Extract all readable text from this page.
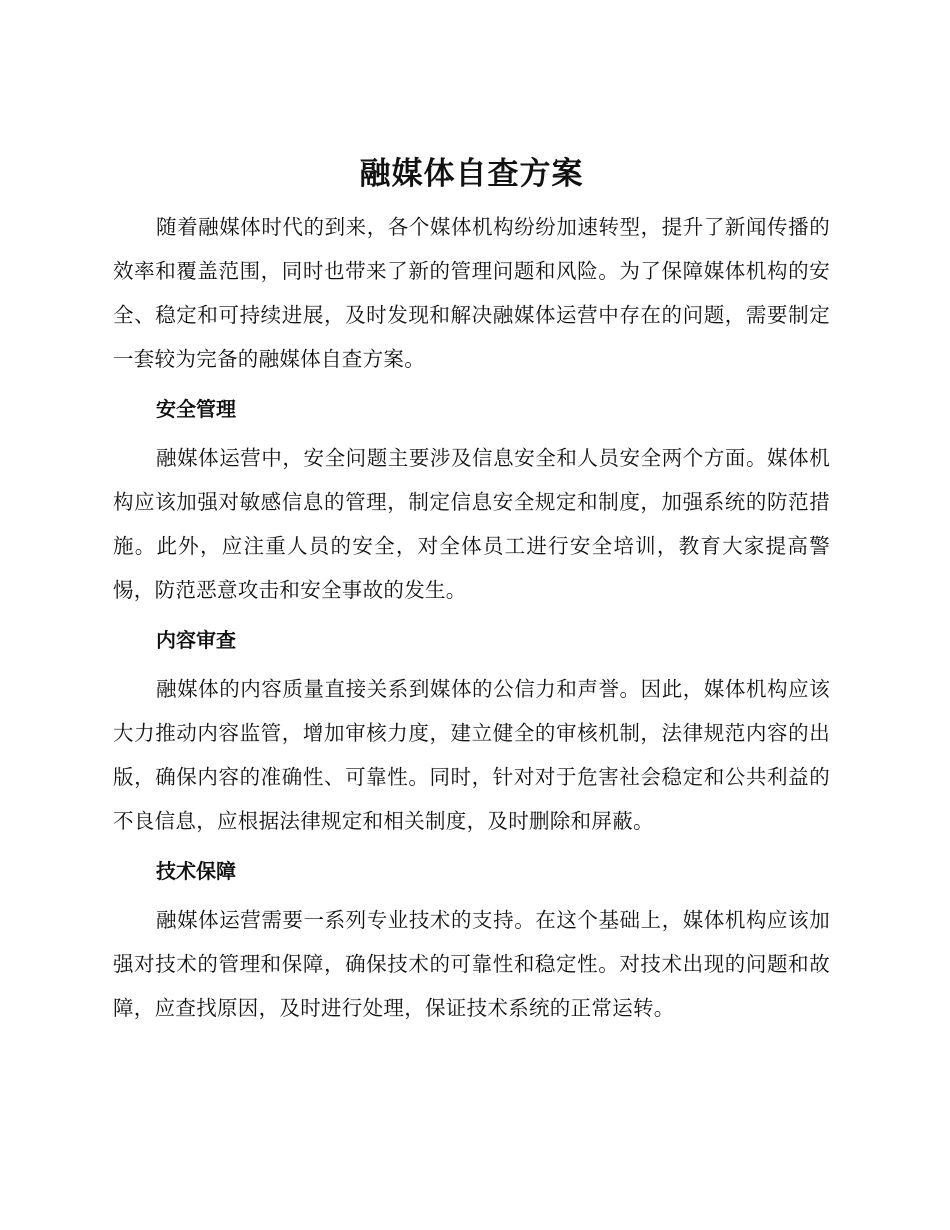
融媒体自查方案

随着融媒体时代的到来，各个媒体机构纷纷加速转型，提升了新闻传播的效率和覆盖范围，同时也带来了新的管理问题和风险。为了保障媒体机构的安全、稳定和可持续进展，及时发现和解决融媒体运营中存在的问题，需要制定一套较为完备的融媒体自查方案。

安全管理

融媒体运营中，安全问题主要涉及信息安全和人员安全两个方面。媒体机构应该加强对敏感信息的管理，制定信息安全规定和制度，加强系统的防范措施。此外，应注重人员的安全，对全体员工进行安全培训，教育大家提高警惕，防范恶意攻击和安全事故的发生。

内容审查

融媒体的内容质量直接关系到媒体的公信力和声誉。因此，媒体机构应该大力推动内容监管，增加审核力度，建立健全的审核机制，法律规范内容的出版，确保内容的准确性、可靠性。同时，针对对于危害社会稳定和公共利益的不良信息，应根据法律规定和相关制度，及时删除和屏蔽。

技术保障

融媒体运营需要一系列专业技术的支持。在这个基础上，媒体机构应该加强对技术的管理和保障，确保技术的可靠性和稳定性。对技术出现的问题和故障，应查找原因，及时进行处理，保证技术系统的正常运转。
